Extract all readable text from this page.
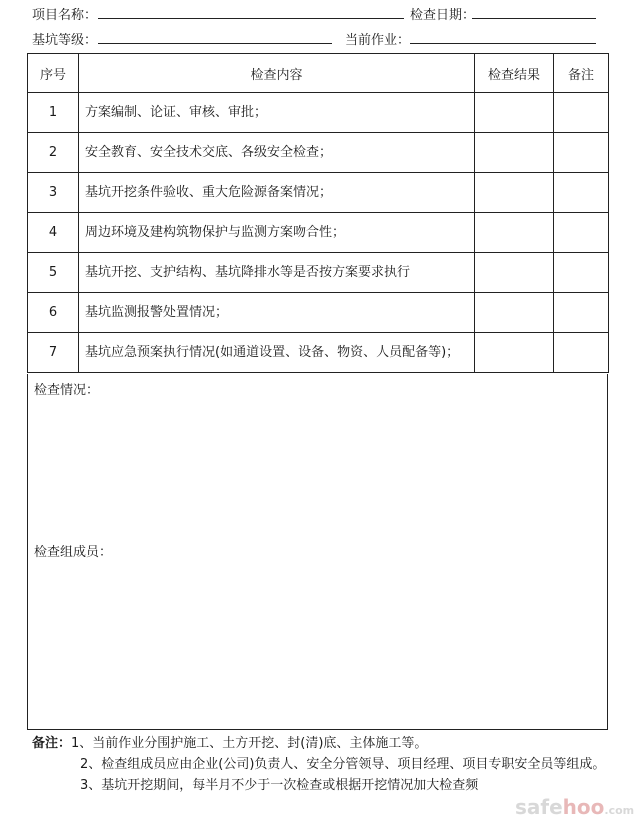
项目名称：	检查日期：
基坑等级：	当前作业：
序号	检查内容	检查结果	备注
1	方案编制、论证、审核、审批；		
2	安全教育、安全技术交底、各级安全检查；		
3	基坑开挖条件验收、重大危险源备案情况；		
4	周边环境及建构筑物保护与监测方案吻合性；		
5	基坑开挖、支护结构、基坑降排水等是否按方案要求执行		
6	基坑监测报警处置情况；		
7	基坑应急预案执行情况(如通道设置、设备、物资、人员配备等)；		
检查情况：
检查组成员：
备注：1、当前作业分围护施工、土方开挖、封(清)底、主体施工等。
2、检查组成员应由企业(公司)负责人、安全分管领导、项目经理、项目专职安全员等组成。
3、基坑开挖期间，每半月不少于一次检查或根据开挖情况加大检查频
safehoo.com
